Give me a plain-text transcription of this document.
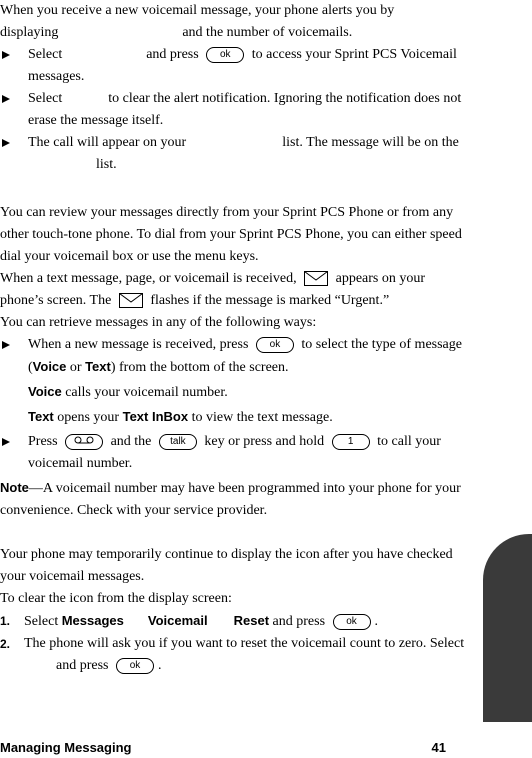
When you receive a new voicemail message, your phone alerts you by

displaying	and the number of voicemails.

Select	and press ok to access your Sprint PCS Voicemail messages.

Select	to clear the alert notification. Ignoring the notification does not erase the message itself.

The call will appear on your	list. The message will be on thelist.

You can review your messages directly from your Sprint PCS Phone or from any other touch-tone phone. To dial from your Sprint PCS Phone, you can either speed dial your voicemail box or use the menu keys.

When a text message, page, or voicemail is received,	appears on your phone’s screen. The	flashes if the message is marked “Urgent.”

You can retrieve messages in any of the following ways:

When a new message is received, press ok to select the type of message (Voice or Text) from the bottom of the screen.

Voice calls your voicemail number.

Text opens your Text InBox to view the text message.

Press	and the talk key or press and hold 1 to call your voicemail number.

Note—A voicemail number may have been programmed into your phone for your convenience. Check with your service provider.

Your phone may temporarily continue to display the icon after you have checked your voicemail messages.

To clear the icon from the display screen:

1. Select Messages Voicemail Reset and press ok .

2. The phone will ask you if you want to reset the voicemail count to zero. Selectand press ok .

Managing Messaging	41
